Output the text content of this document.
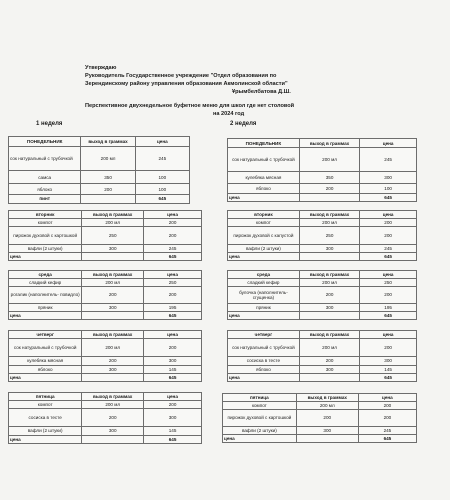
Утверждаю
Руководитель Государственное учреждение "Отдел образования по
Зерендинскому району управления образования Акмолинской области"
Ұрымбелбатова Д.Ш.
Перспективное двухнедельное буфетное меню для школ где нет столовой
на 2024 год
1 неделя	2 неделя
ПОНЕДЕЛЬНИК	выход в граммах	цена
сок натуральный с трубочкой	200 мл	245
самса	350	100
яблоко	200	100
пинт		645
вторник	выход в граммах	цена
компот	200 мл	200
пирожок духовой с картошкой	250	200
вафли (2 штуки)	300	245
цена		645
среда	выход в граммах	цена
сладкий кефир	200 мл	250
рогалик (наполнитель- повидло)	200	200
пряник	300	195
цена		645
четверг	выход в граммах	цена
сок натуральный с трубочкой	200 мл	200
кулебяка мясная	200	300
яблоко	300	145
цена		645
пятница	выход в граммах	цена
компот	200 мл	200
сосиска в тесте	200	300
вафли (2 штуки)	300	145
цена		645
ПОНЕДЕЛЬНИК	выход в граммах	цена
сок натуральный с трубочкой	200 мл	245
кулебяка мясная	350	300
яблоко	200	100
цена		645
вторник	выход в граммах	цена
компот	200 мл	200
пирожок духовой с капустой	250	200
вафли (2 штуки)	300	245
цена		645
среда	выход в граммах	цена
сладкий кефир	200 мл	250
булочка (наполнитель- сгущенка)	200	200
пряник	300	195
цена		645
четверг	выход в граммах	цена
сок натуральный с трубочкой	200 мл	200
сосиска в тесте	200	300
яблоко	300	145
цена		645
пятница	выход в граммах	цена
компот	200 мл	200
пирожок духовой с картошкой	200	200
вафли (2 штуки)	300	245
цена		645
